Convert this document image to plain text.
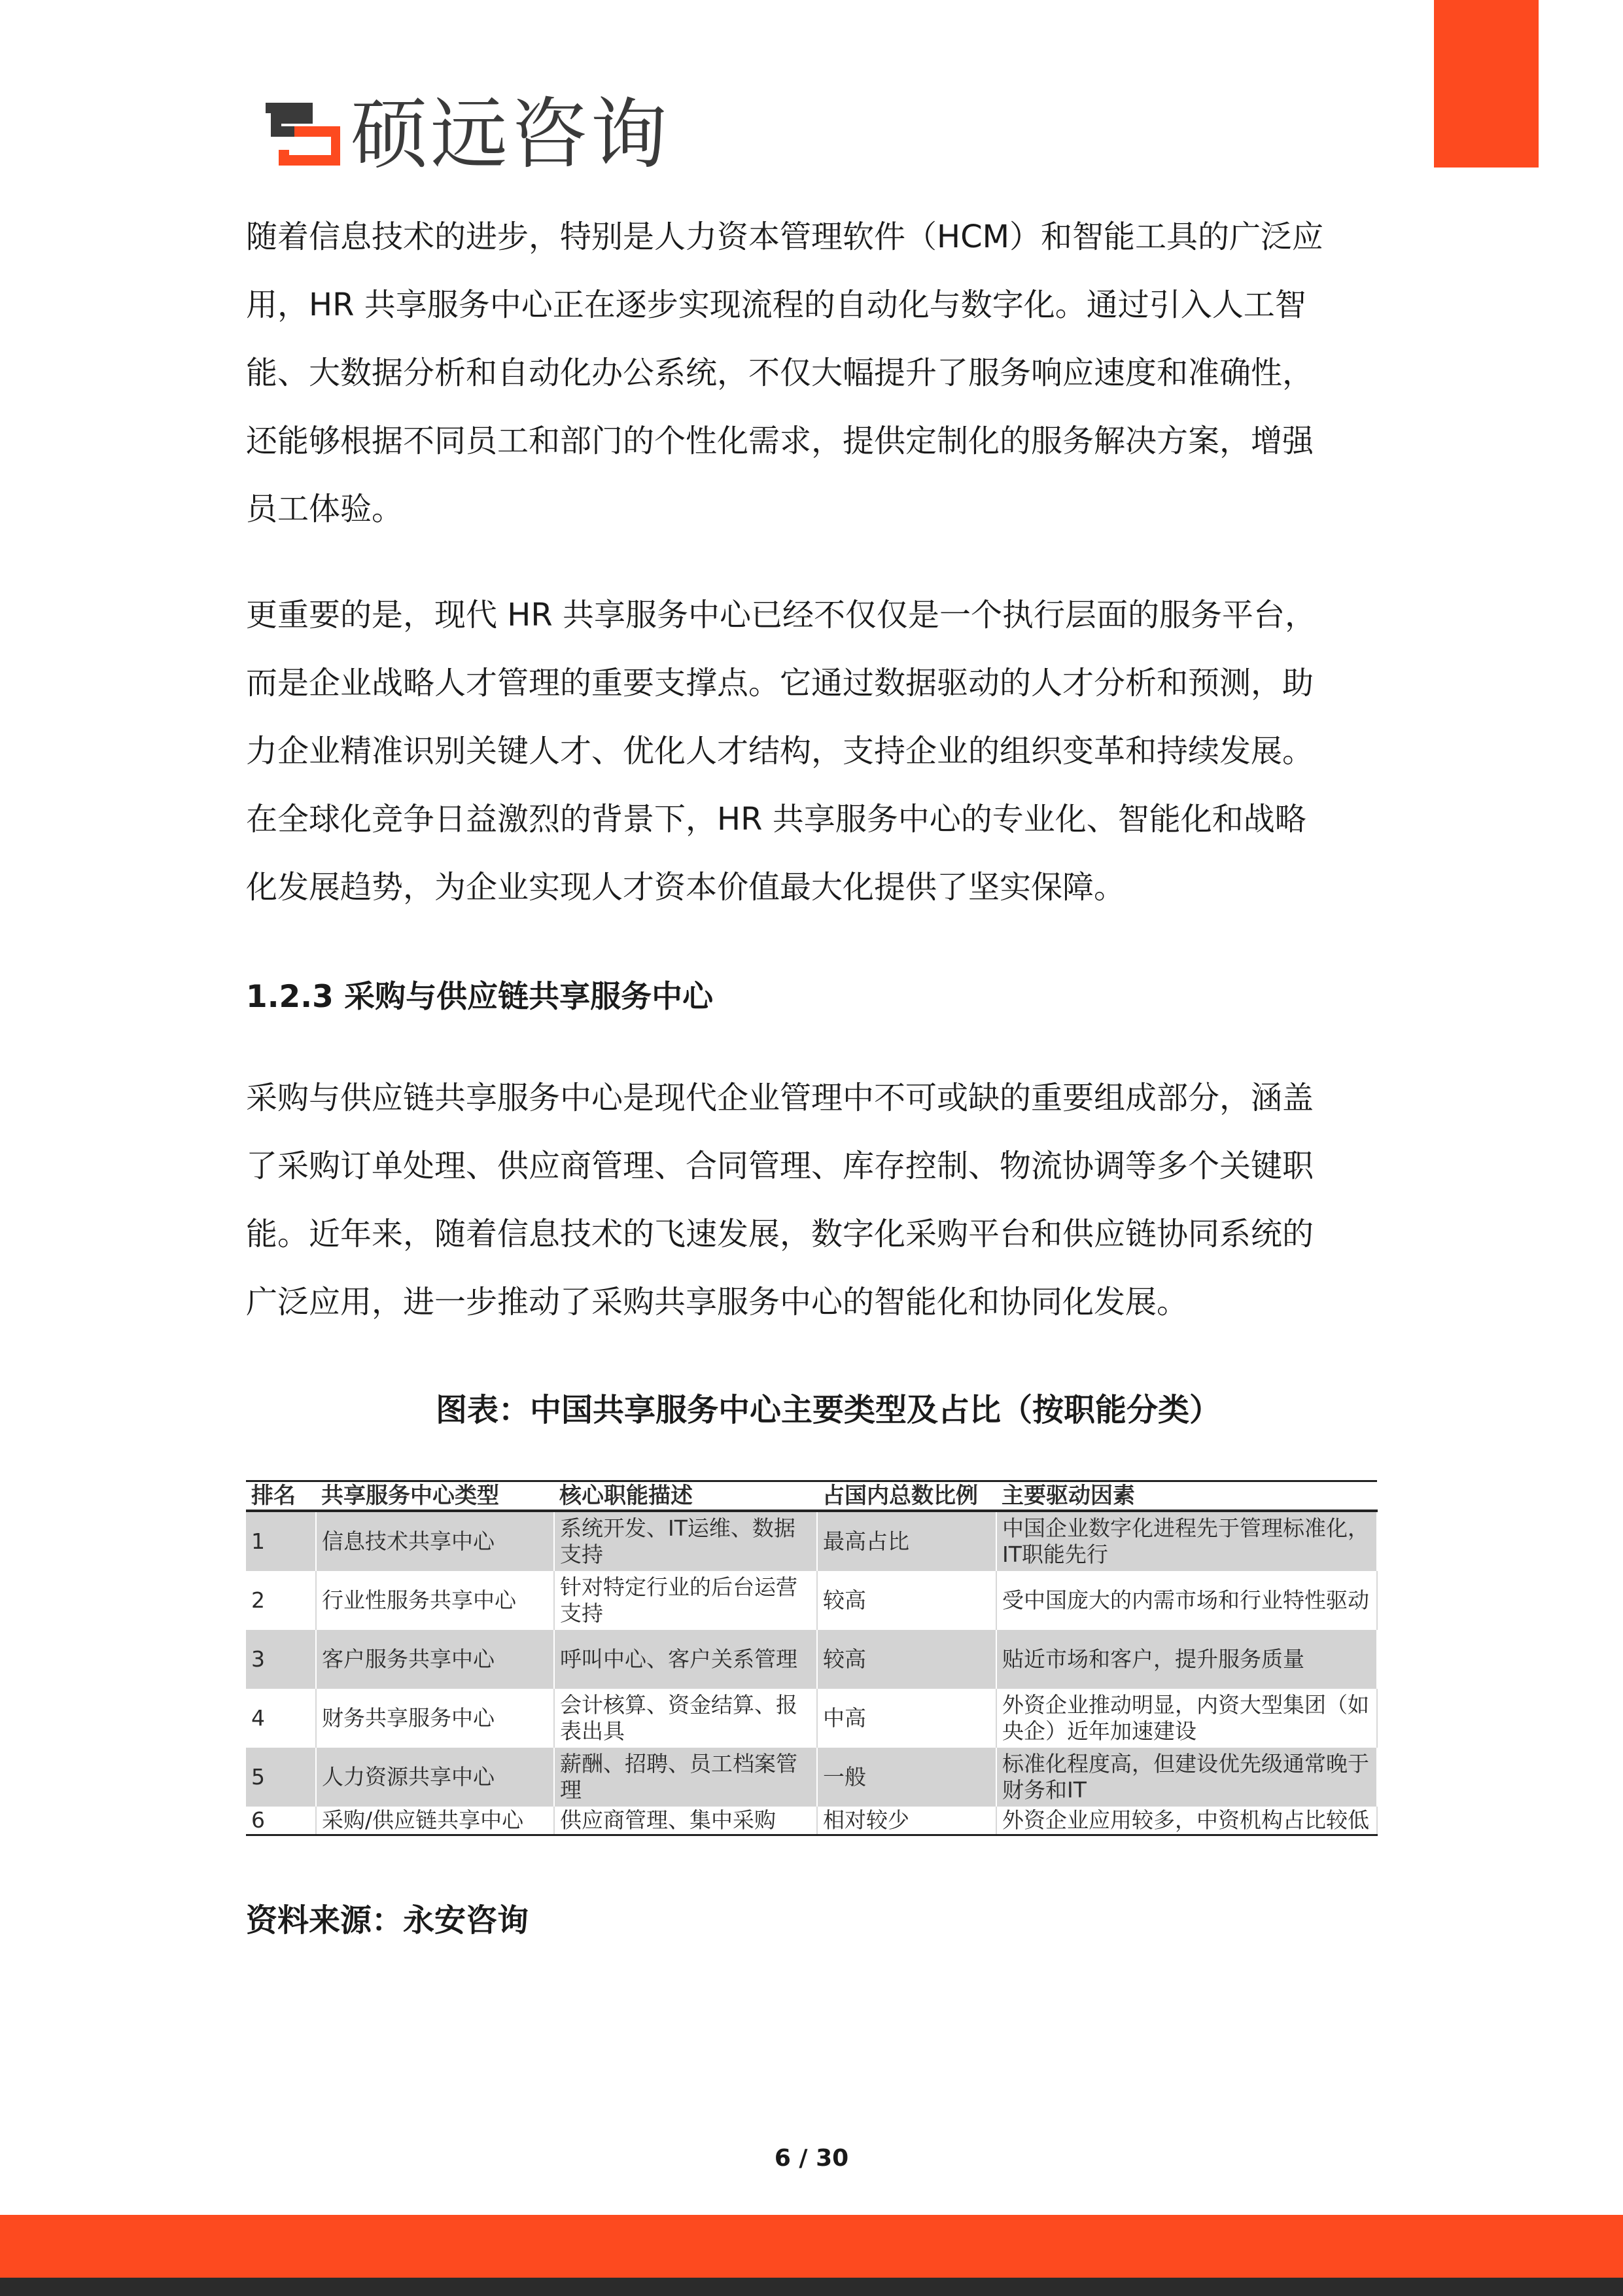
硕远咨询

随着信息技术的进步，特别是人力资本管理软件（HCM）和智能工具的广泛应

用，HR 共享服务中心正在逐步实现流程的自动化与数字化。通过引入人工智

能、大数据分析和自动化办公系统，不仅大幅提升了服务响应速度和准确性，

还能够根据不同员工和部门的个性化需求，提供定制化的服务解决方案，增强

员工体验。

更重要的是，现代 HR 共享服务中心已经不仅仅是一个执行层面的服务平台，

而是企业战略人才管理的重要支撑点。它通过数据驱动的人才分析和预测，助

力企业精准识别关键人才、优化人才结构，支持企业的组织变革和持续发展。

在全球化竞争日益激烈的背景下，HR 共享服务中心的专业化、智能化和战略

化发展趋势，为企业实现人才资本价值最大化提供了坚实保障。

1.2.3 采购与供应链共享服务中心

采购与供应链共享服务中心是现代企业管理中不可或缺的重要组成部分，涵盖

了采购订单处理、供应商管理、合同管理、库存控制、物流协调等多个关键职

能。近年来，随着信息技术的飞速发展，数字化采购平台和供应链协同系统的

广泛应用，进一步推动了采购共享服务中心的智能化和协同化发展。

图表：中国共享服务中心主要类型及占比（按职能分类）
排名	共享服务中心类型	核心职能描述	占国内总数比例	主要驱动因素
1	信息技术共享中心	系统开发、IT运维、数据支持	最高占比	中国企业数字化进程先于管理标准化，IT职能先行
2	行业性服务共享中心	针对特定行业的后台运营支持	较高	受中国庞大的内需市场和行业特性驱动
3	客户服务共享中心	呼叫中心、客户关系管理	较高	贴近市场和客户，提升服务质量
4	财务共享服务中心	会计核算、资金结算、报表出具	中高	外资企业推动明显，内资大型集团（如央企）近年加速建设
5	人力资源共享中心	薪酬、招聘、员工档案管理	一般	标准化程度高，但建设优先级通常晚于财务和IT
6	采购/供应链共享中心	供应商管理、集中采购	相对较少	外资企业应用较多，中资机构占比较低
资料来源：永安咨询
6 / 30
